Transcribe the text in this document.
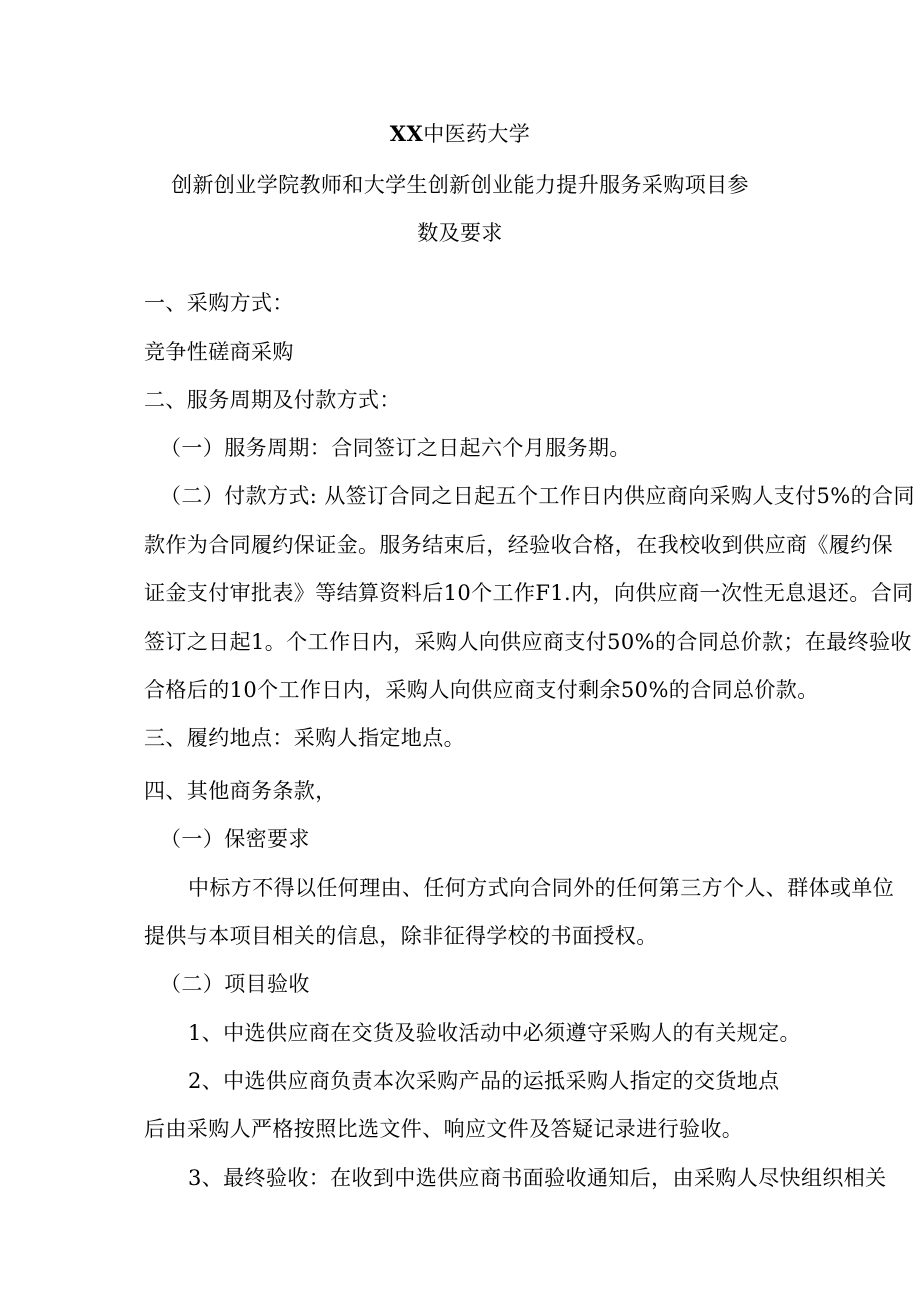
XX中医药大学
创新创业学院教师和大学生创新创业能力提升服务采购项目参
数及要求
一、采购方式：
竞争性磋商采购
二、服务周期及付款方式：
（一）服务周期：合同签订之日起六个月服务期。
（二）付款方式: 从签订合同之日起五个工作日内供应商向采购人支付5%的合同
款作为合同履约保证金。服务结束后，经验收合格，在我校收到供应商《履约保
证金支付审批表》等结算资料后10个工作F1.内，向供应商一次性无息退还。合同
签订之日起1。个工作日内，采购人向供应商支付50%的合同总价款；在最终验收
合格后的10个工作日内，采购人向供应商支付剩余50%的合同总价款。
三、履约地点：采购人指定地点。
四、其他商务条款，
（一）保密要求
中标方不得以任何理由、任何方式向合同外的任何第三方个人、群体或单位
提供与本项目相关的信息，除非征得学校的书面授权。
（二）项目验收
1、中选供应商在交货及验收活动中必须遵守采购人的有关规定。
2、中选供应商负责本次采购产品的运抵采购人指定的交货地点
后由采购人严格按照比选文件、响应文件及答疑记录进行验收。
3、最终验收：在收到中选供应商书面验收通知后，由采购人尽快组织相关
